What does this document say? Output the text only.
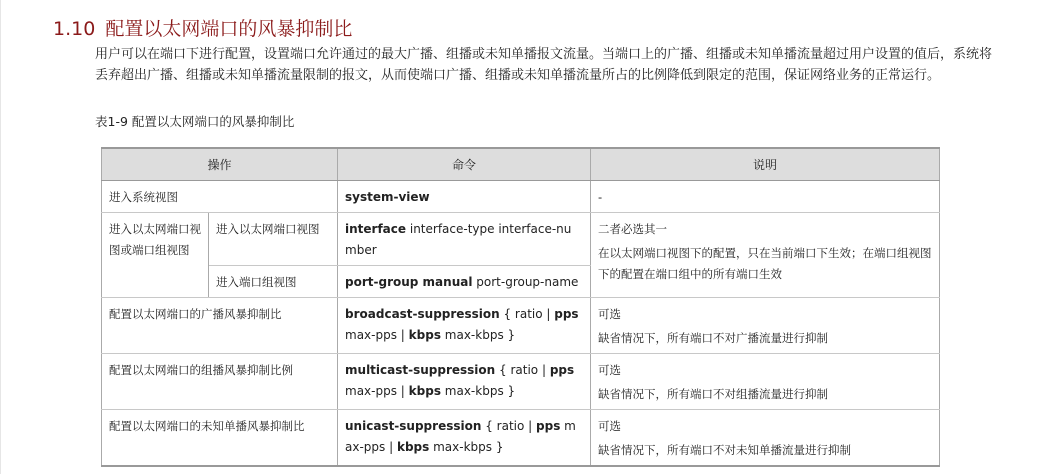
1.10 配置以太网端口的风暴抑制比
用户可以在端口下进行配置，设置端口允许通过的最大广播、组播或未知单播报文流量。当端口上的广播、组播或未知单播流量超过用户设置的值后，系统将丢弃超出广播、组播或未知单播流量限制的报文，从而使端口广播、组播或未知单播流量所占的比例降低到限定的范围，保证网络业务的正常运行。
表1-9 配置以太网端口的风暴抑制比
操作		命令	说明
进入系统视图		system-view	-
进入以太网端口视图或端口组视图	进入以太网端口视图	interface interface-type interface-number	二者必选其一
在以太网端口视图下的配置，只在当前端口下生效；在端口组视图下的配置在端口组中的所有端口生效

	进入端口组视图	port-group manual port-group-name	
配置以太网端口的广播风暴抑制比		broadcast-suppression { ratio | pps max-pps | kbps max-kbps }	可选
缺省情况下，所有端口不对广播流量进行抑制

配置以太网端口的组播风暴抑制比例		multicast-suppression { ratio | pps max-pps | kbps max-kbps }	可选
缺省情况下，所有端口不对组播流量进行抑制

配置以太网端口的未知单播风暴抑制比		unicast-suppression { ratio | pps max-pps | kbps max-kbps }	可选
缺省情况下，所有端口不对未知单播流量进行抑制
